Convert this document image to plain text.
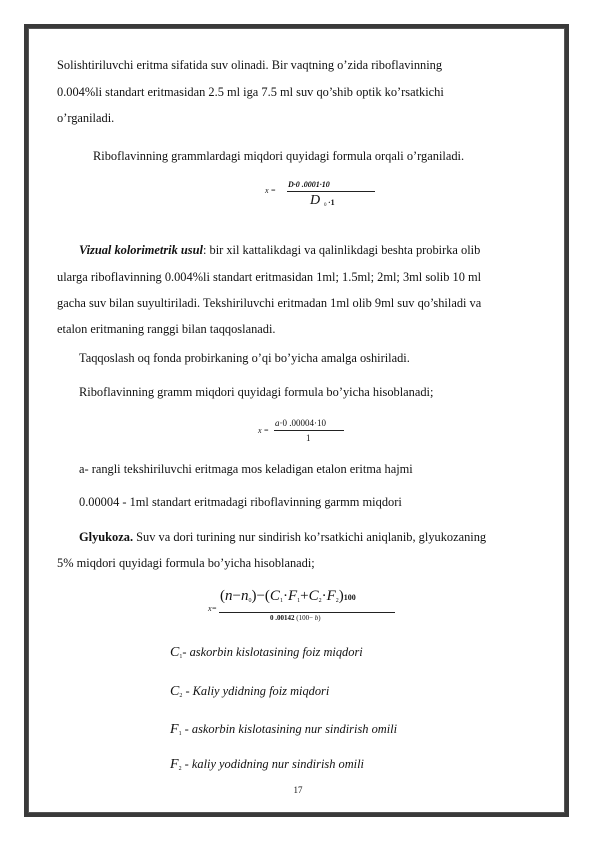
Solishtiriluvchi eritma sifatida suv olinadi. Bir vaqtning o’zida riboflavinning
0.004%li standart eritmasidan 2.5 ml iga 7.5 ml suv qo’shib optik ko’rsatkichi
o’rganiladi.
Riboflavinning grammlardagi miqdori quyidagi formula orqali o’rganiladi.
x =
D·0 .0001·10
D 0 ·1
Vizual kolorimetrik usul: bir xil kattalikdagi va qalinlikdagi beshta probirka olib
ularga riboflavinning 0.004%li standart eritmasidan 1ml; 1.5ml; 2ml; 3ml solib 10 ml
gacha suv bilan suyultiriladi. Tekshiriluvchi eritmadan 1ml olib 9ml suv qo’shiladi va
etalon eritmaning ranggi bilan taqqoslanadi.
Taqqoslash oq fonda probirkaning o’qi bo’yicha amalga oshiriladi.
Riboflavinning gramm miqdori quyidagi formula bo’yicha hisoblanadi;
x =
a·0 .00004·10
1
a- rangli tekshiriluvchi eritmaga mos keladigan etalon eritma hajmi
0.00004 - 1ml standart eritmadagi riboflavinning garmm miqdori
Glyukoza. Suv va dori turining nur sindirish ko’rsatkichi aniqlanib, glyukozaning
5% miqdori quyidagi formula bo’yicha hisoblanadi;
x=
$(n-n_0)-(C_1\cdot F_1+C_2\cdot F_2)100$
0 .00142 (100− b)
$C_1-$ askorbin kislotasining foiz miqdori
$C_2$ - Kaliy ydidning foiz miqdori
$F_1$ - askorbin kislotasining nur sindirish omili
$F_2$ - kaliy yodidning nur sindirish omili
17
